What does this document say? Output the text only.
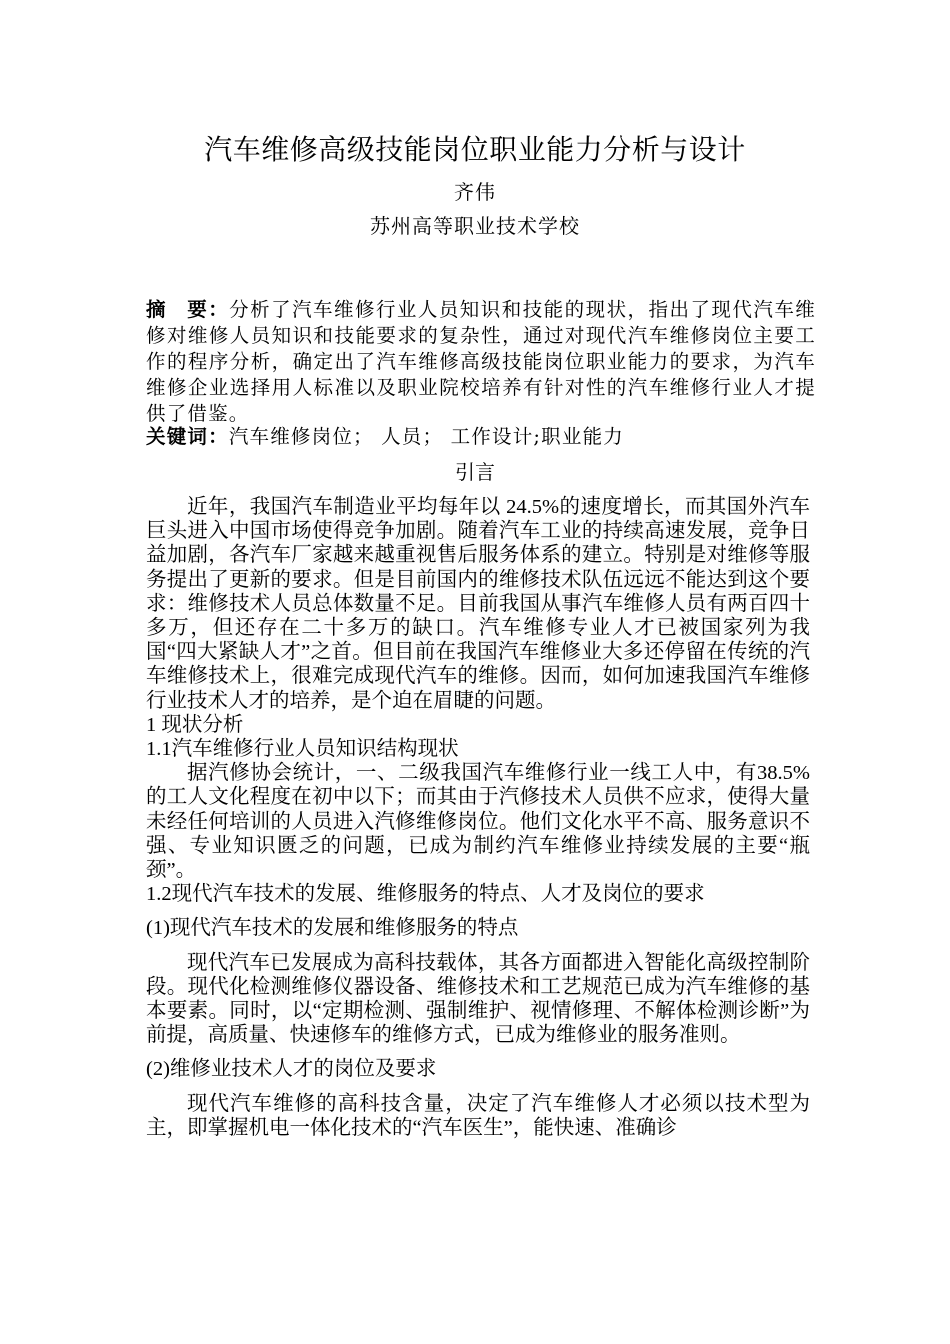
汽车维修高级技能岗位职业能力分析与设计
齐伟
苏州高等职业技术学校
摘 要：分析了汽车维修行业人员知识和技能的现状，指出了现代汽车维修对维修人员知识和技能要求的复杂性，通过对现代汽车维修岗位主要工作的程序分析，确定出了汽车维修高级技能岗位职业能力的要求，为汽车维修企业选择用人标准以及职业院校培养有针对性的汽车维修行业人才提供了借鉴。
关键词：汽车维修岗位； 人员； 工作设计;职业能力
引言

近年，我国汽车制造业平均每年以 24.5%的速度增长，而其国外汽车巨头进入中国市场使得竞争加剧。随着汽车工业的持续高速发展，竞争日益加剧，各汽车厂家越来越重视售后服务体系的建立。特别是对维修等服务提出了更新的要求。但是目前国内的维修技术队伍远远不能达到这个要求：维修技术人员总体数量不足。目前我国从事汽车维修人员有两百四十多万，但还存在二十多万的缺口。汽车维修专业人才已被国家列为我国“四大紧缺人才”之首。但目前在我国汽车维修业大多还停留在传统的汽车维修技术上，很难完成现代汽车的维修。因而，如何加速我国汽车维修行业技术人才的培养，是个迫在眉睫的问题。

1 现状分析

1.1汽车维修行业人员知识结构现状

据汽修协会统计，一、二级我国汽车维修行业一线工人中，有38.5%的工人文化程度在初中以下；而其由于汽修技术人员供不应求，使得大量未经任何培训的人员进入汽修维修岗位。他们文化水平不高、服务意识不强、专业知识匮乏的问题，已成为制约汽车维修业持续发展的主要“瓶颈”。

1.2现代汽车技术的发展、维修服务的特点、人才及岗位的要求

(1)现代汽车技术的发展和维修服务的特点

现代汽车已发展成为高科技载体，其各方面都进入智能化高级控制阶段。现代化检测维修仪器设备、维修技术和工艺规范已成为汽车维修的基本要素。同时，以“定期检测、强制维护、视情修理、不解体检测诊断”为前提，高质量、快速修车的维修方式，已成为维修业的服务准则。

(2)维修业技术人才的岗位及要求

现代汽车维修的高科技含量，决定了汽车维修人才必须以技术型为主，即掌握机电一体化技术的“汽车医生”，能快速、准确诊
